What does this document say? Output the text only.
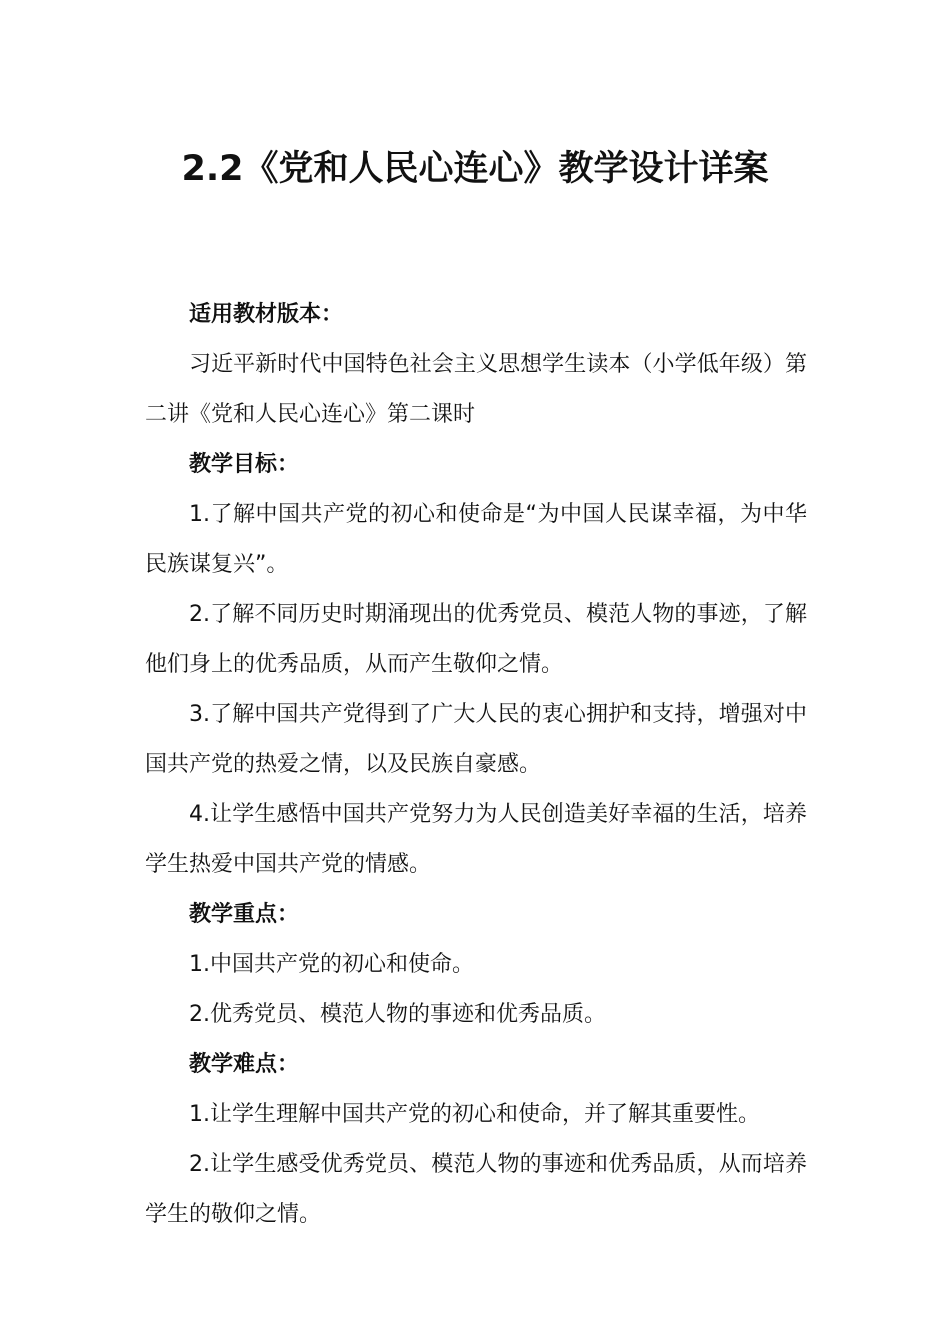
2.2《党和人民心连心》教学设计详案

适用教材版本：

习近平新时代中国特色社会主义思想学生读本（小学低年级）第二讲《党和人民心连心》第二课时

教学目标：

1.了解中国共产党的初心和使命是“为中国人民谋幸福，为中华民族谋复兴”。

2.了解不同历史时期涌现出的优秀党员、模范人物的事迹，了解他们身上的优秀品质，从而产生敬仰之情。

3.了解中国共产党得到了广大人民的衷心拥护和支持，增强对中国共产党的热爱之情，以及民族自豪感。

4.让学生感悟中国共产党努力为人民创造美好幸福的生活，培养学生热爱中国共产党的情感。

教学重点：

1.中国共产党的初心和使命。

2.优秀党员、模范人物的事迹和优秀品质。

教学难点：

1.让学生理解中国共产党的初心和使命，并了解其重要性。

2.让学生感受优秀党员、模范人物的事迹和优秀品质，从而培养学生的敬仰之情。
